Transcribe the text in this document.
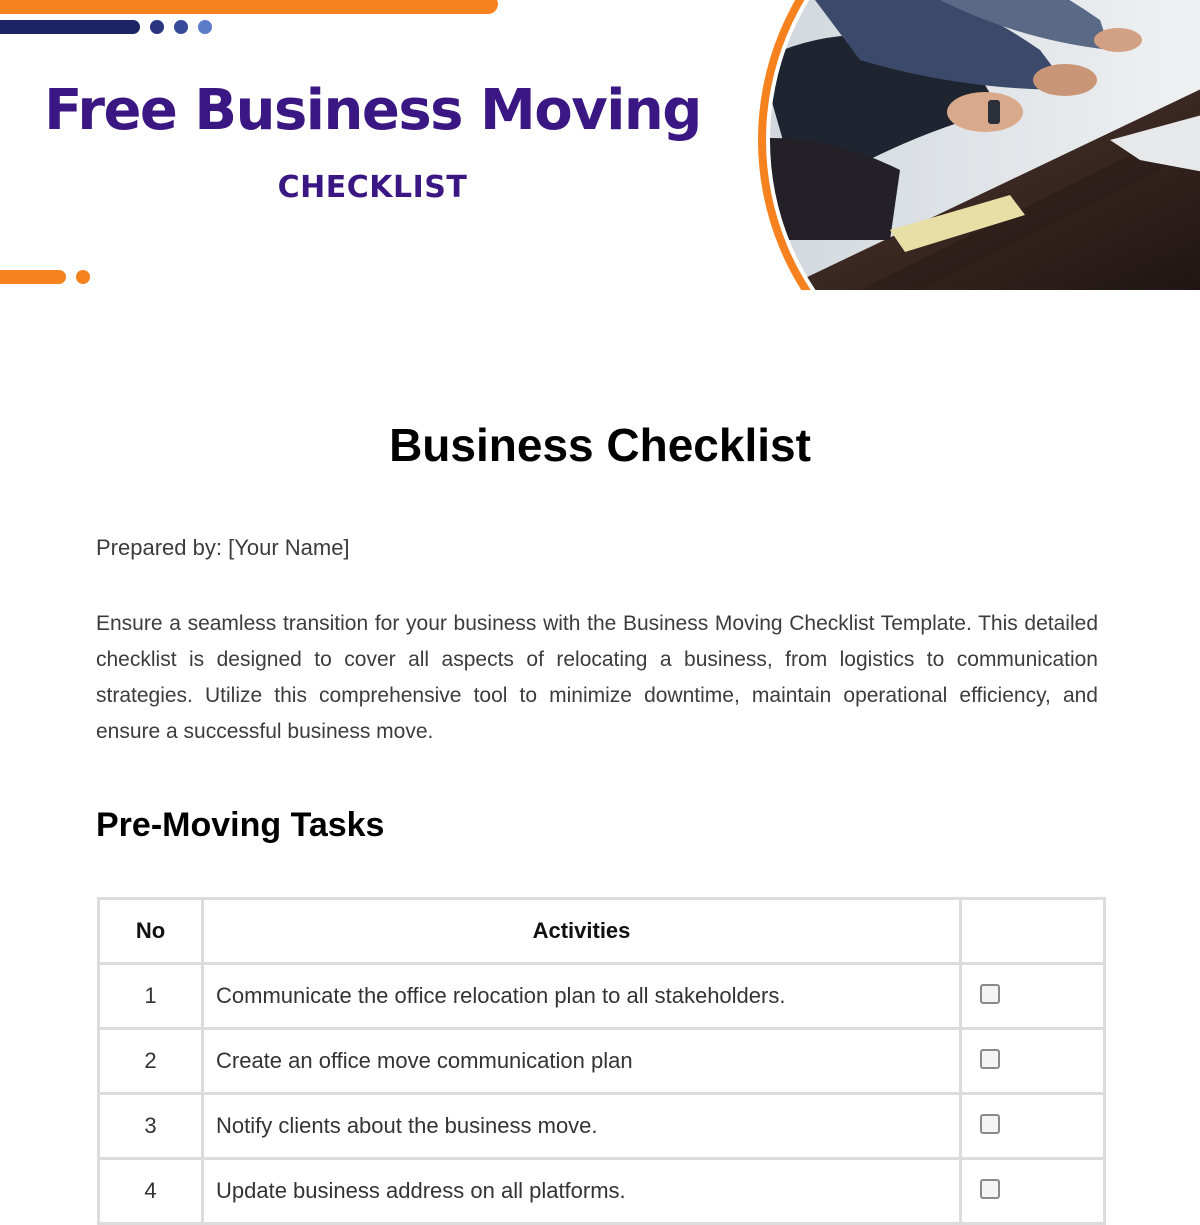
Free Business Moving
CHECKLIST
Business Checklist
Prepared by: [Your Name]

Ensure a seamless transition for your business with the Business Moving Checklist Template. This detailed checklist is designed to cover all aspects of relocating a business, from logistics to communication strategies. Utilize this comprehensive tool to minimize downtime, maintain operational efficiency, and ensure a successful business move.

Pre-Moving Tasks
No	Activities	
1	Communicate the office relocation plan to all stakeholders.	
2	Create an office move communication plan	
3	Notify clients about the business move.	
4	Update business address on all platforms.	
